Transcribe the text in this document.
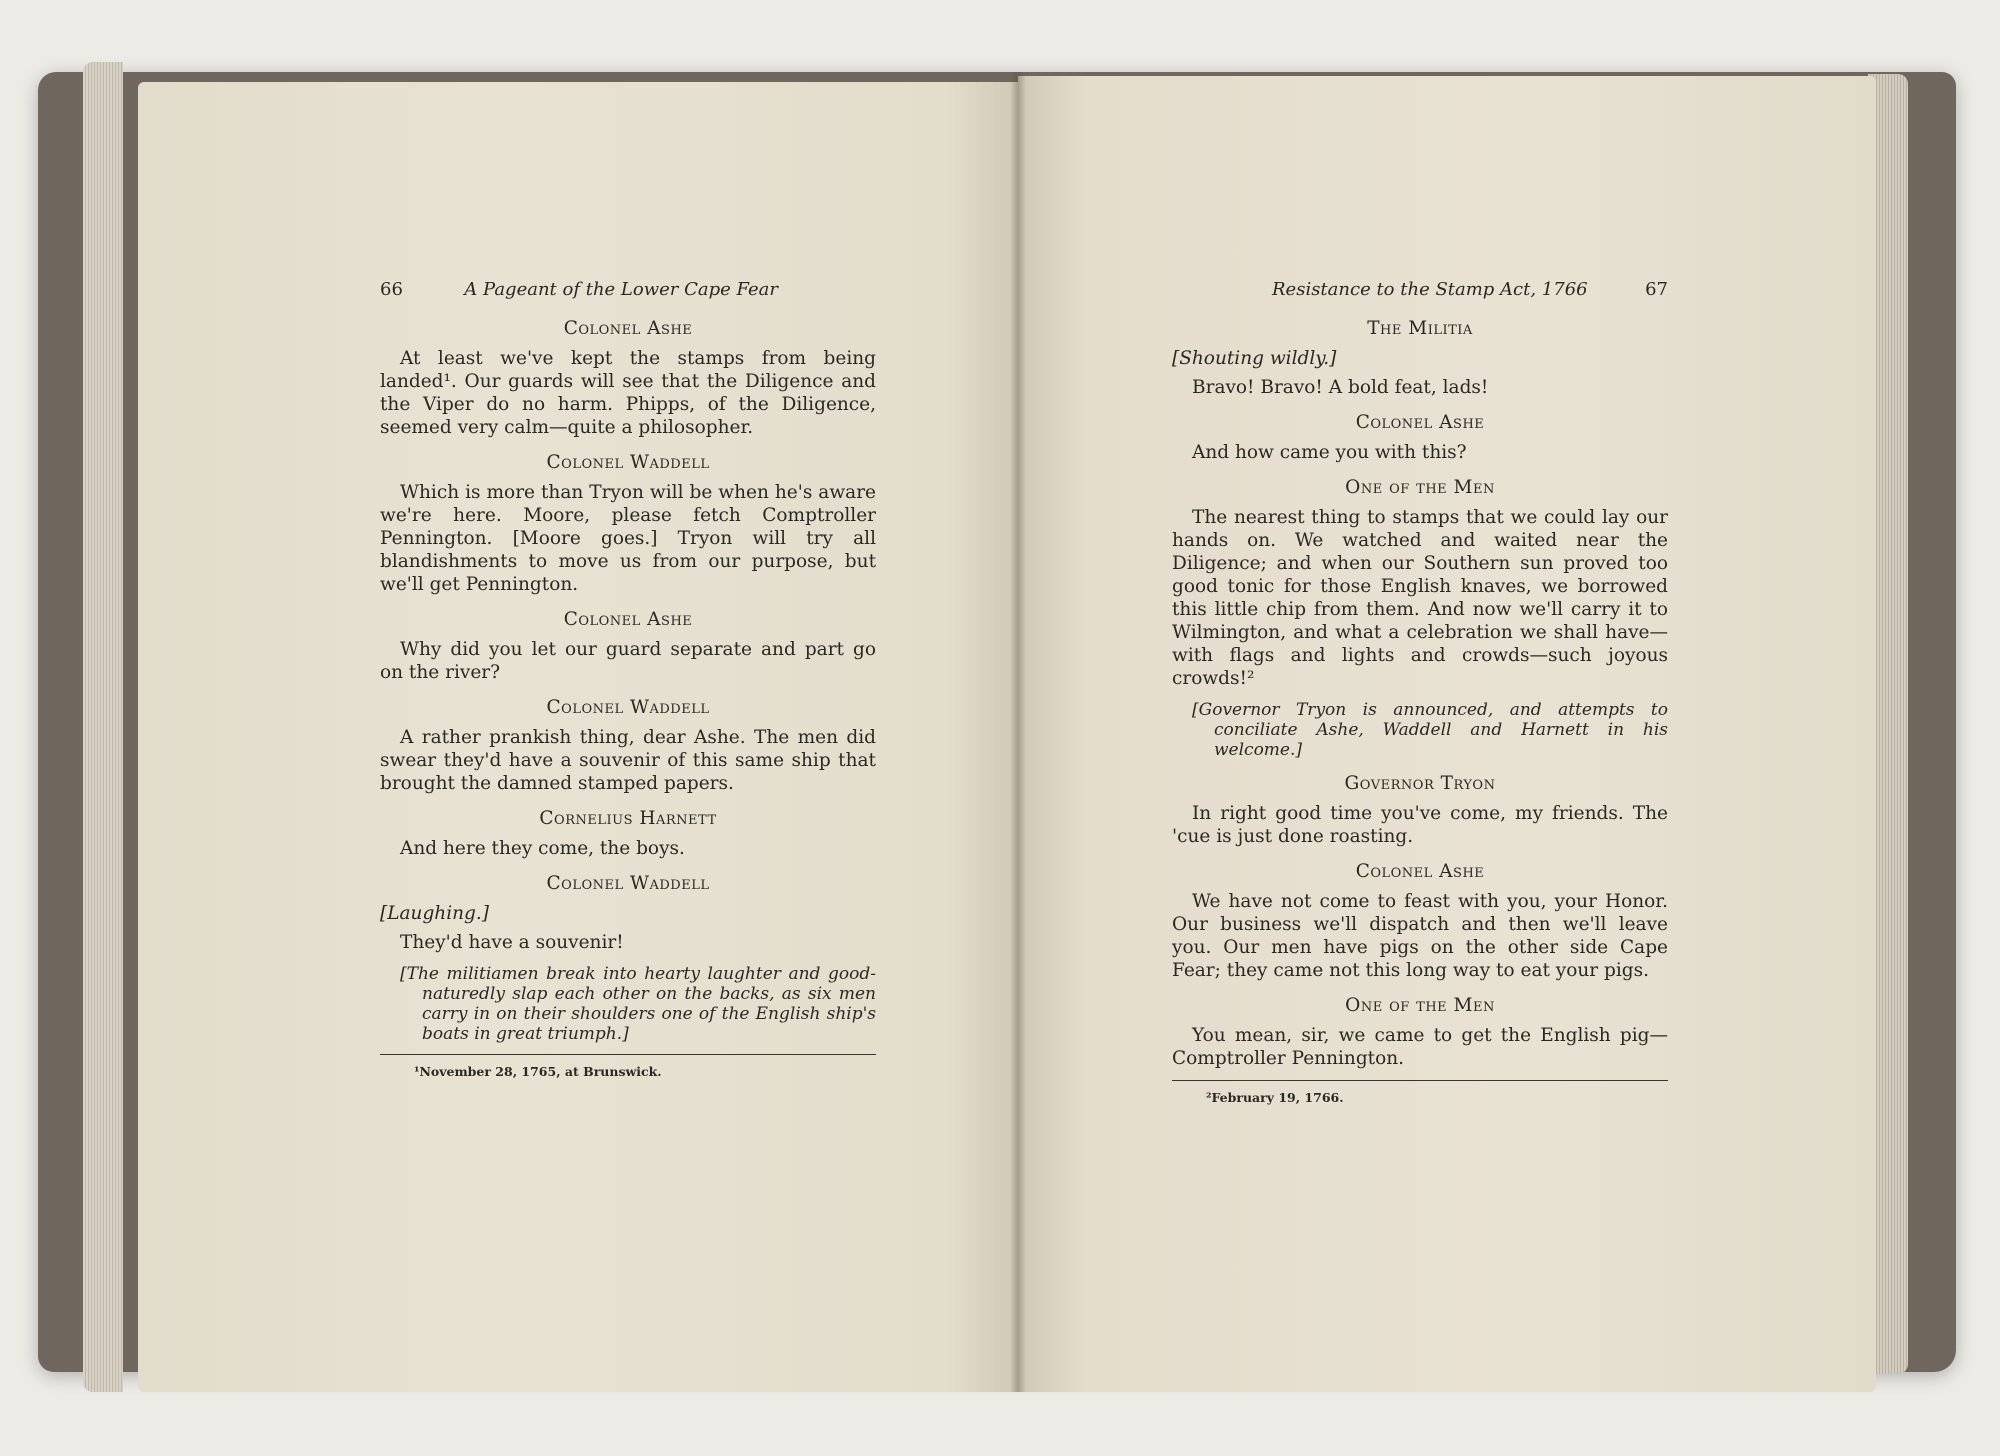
66	A Pageant of the Lower Cape Fear
Colonel Ashe

At least we've kept the stamps from being landed¹. Our guards will see that the Diligence and the Viper do no harm. Phipps, of the Diligence, seemed very calm—quite a philosopher.

Colonel Waddell

Which is more than Tryon will be when he's aware we're here. Moore, please fetch Comptroller Pennington. [Moore goes.] Tryon will try all blandishments to move us from our purpose, but we'll get Pennington.

Colonel Ashe

Why did you let our guard separate and part go on the river?

Colonel Waddell

A rather prankish thing, dear Ashe. The men did swear they'd have a souvenir of this same ship that brought the damned stamped papers.

Cornelius Harnett

And here they come, the boys.

Colonel Waddell

[Laughing.]

They'd have a souvenir!

[The militiamen break into hearty laughter and good-naturedly slap each other on the backs, as six men carry in on their shoulders one of the English ship's boats in great triumph.]

¹November 28, 1765, at Brunswick.
Resistance to the Stamp Act, 1766	67
The Militia

[Shouting wildly.]

Bravo! Bravo! A bold feat, lads!

Colonel Ashe

And how came you with this?

One of the Men

The nearest thing to stamps that we could lay our hands on. We watched and waited near the Diligence; and when our Southern sun proved too good tonic for those English knaves, we borrowed this little chip from them. And now we'll carry it to Wilmington, and what a celebration we shall have—with flags and lights and crowds—such joyous crowds!²

[Governor Tryon is announced, and attempts to conciliate Ashe, Waddell and Harnett in his welcome.]

Governor Tryon

In right good time you've come, my friends. The 'cue is just done roasting.

Colonel Ashe

We have not come to feast with you, your Honor. Our business we'll dispatch and then we'll leave you. Our men have pigs on the other side Cape Fear; they came not this long way to eat your pigs.

One of the Men

You mean, sir, we came to get the English pig—Comptroller Pennington.

²February 19, 1766.
